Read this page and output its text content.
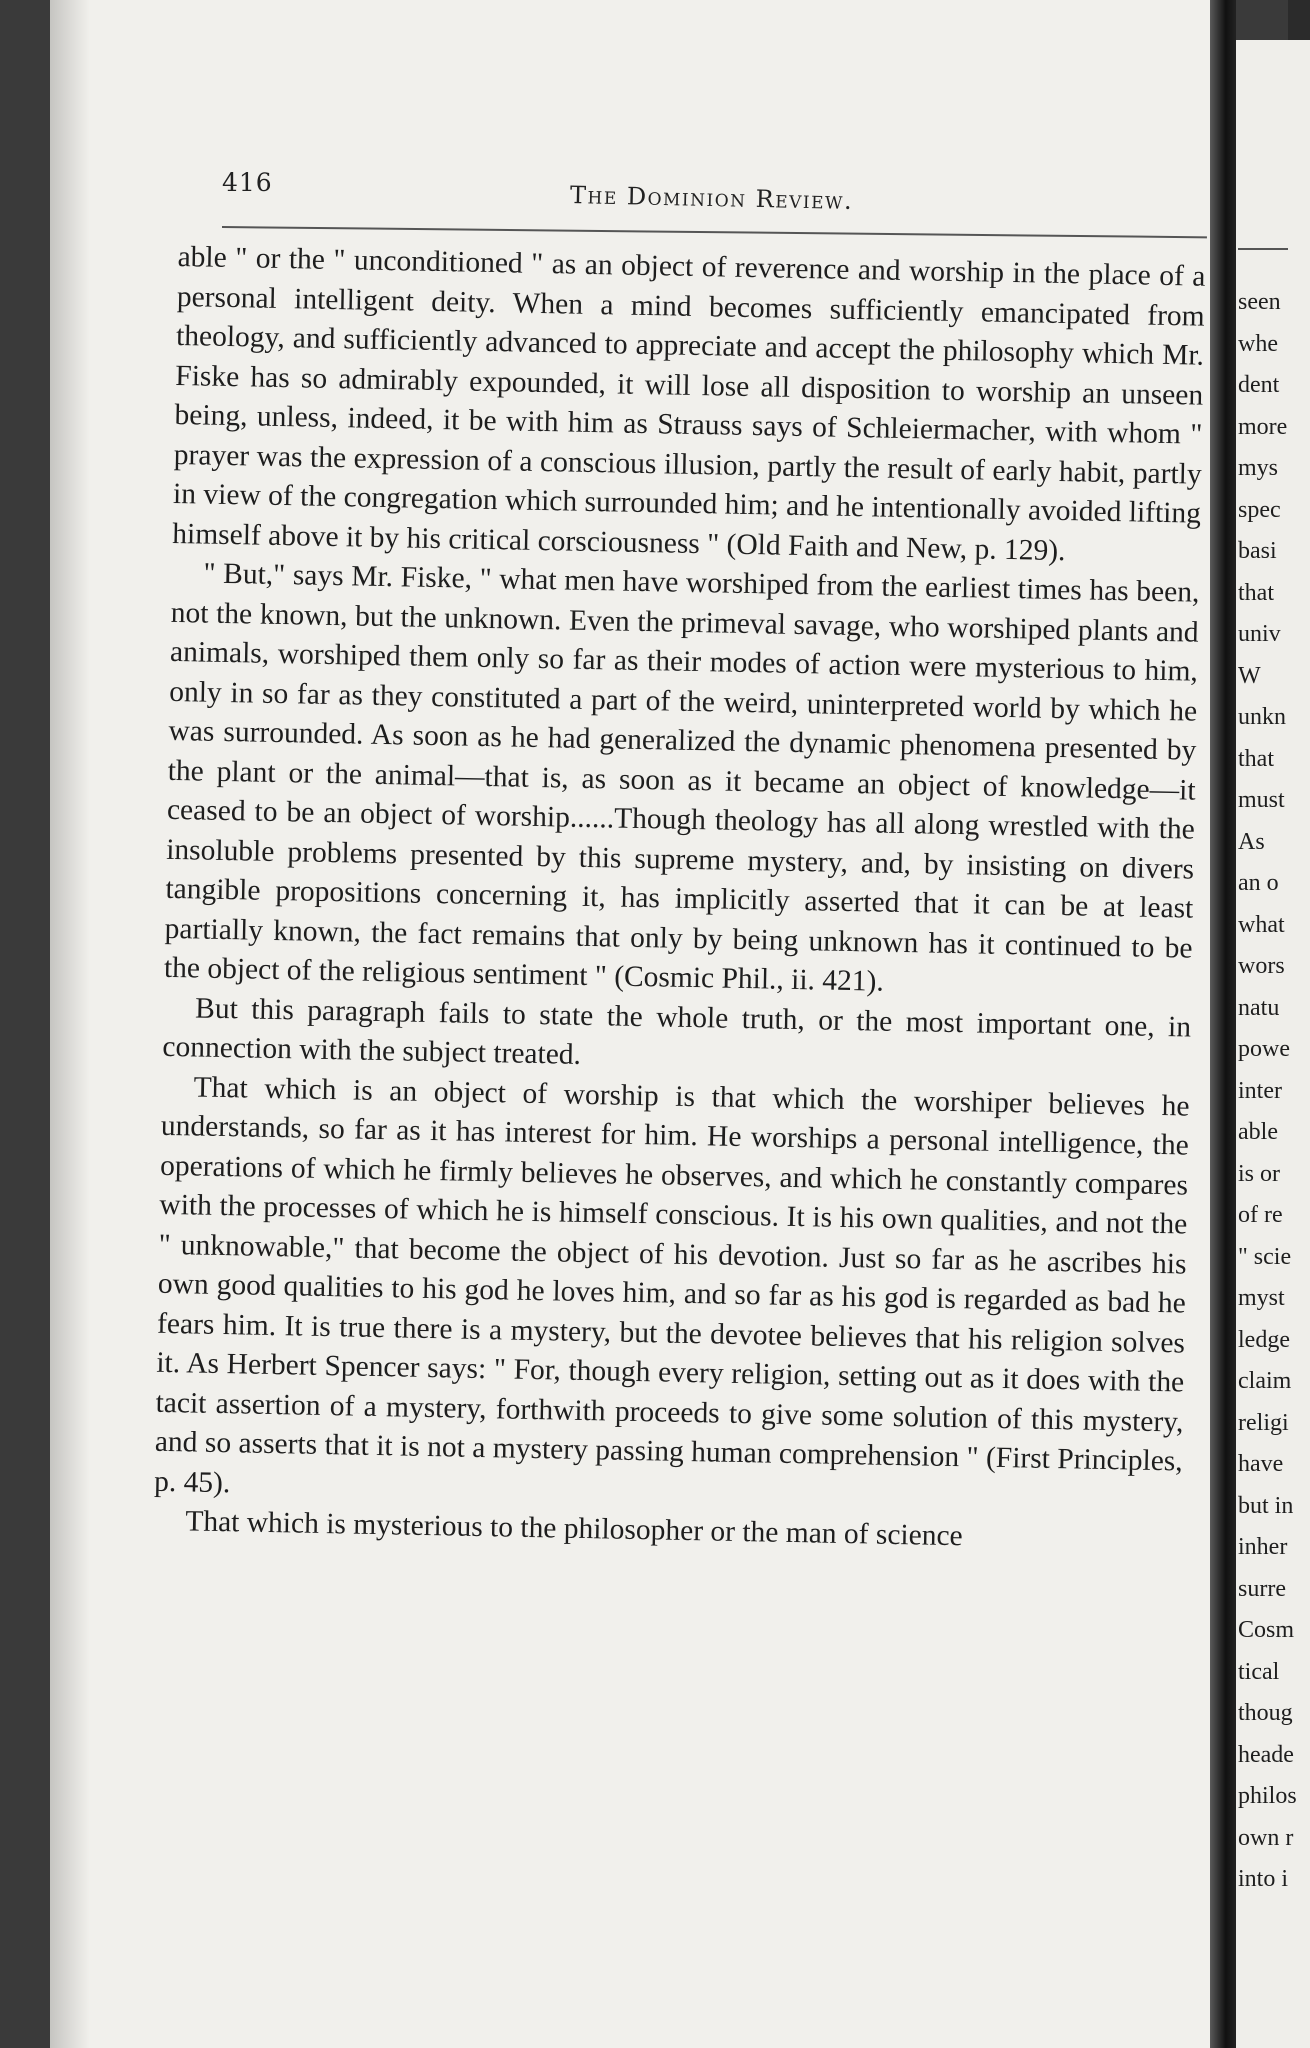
416	The Dominion Review.

able " or the " unconditioned " as an object of reverence and worship in the place of a personal intelligent deity. When a mind becomes sufficiently emancipated from theology, and sufficiently advanced to appreciate and accept the philosophy which Mr. Fiske has so admirably expounded, it will lose all disposition to worship an unseen being, unless, indeed, it be with him as Strauss says of Schleiermacher, with whom " prayer was the expression of a conscious illusion, partly the result of early habit, partly in view of the congregation which surrounded him; and he intentionally avoided lifting himself above it by his critical corsciousness " (Old Faith and New, p. 129).

" But," says Mr. Fiske, " what men have worshiped from the earliest times has been, not the known, but the unknown. Even the primeval savage, who worshiped plants and animals, worshiped them only so far as their modes of action were mysterious to him, only in so far as they constituted a part of the weird, uninterpreted world by which he was surrounded. As soon as he had generalized the dynamic phenomena presented by the plant or the animal—that is, as soon as it became an object of knowledge—it ceased to be an object of worship......Though theology has all along wrestled with the insoluble problems presented by this supreme mystery, and, by insisting on divers tangible propositions concerning it, has implicitly asserted that it can be at least partially known, the fact remains that only by being unknown has it continued to be the object of the religious sentiment " (Cosmic Phil., ii. 421).

But this paragraph fails to state the whole truth, or the most important one, in connection with the subject treated.

That which is an object of worship is that which the worshiper believes he understands, so far as it has interest for him. He worships a personal intelligence, the operations of which he firmly believes he observes, and which he constantly compares with the processes of which he is himself conscious. It is his own qualities, and not the " unknowable," that become the object of his devotion. Just so far as he ascribes his own good qualities to his god he loves him, and so far as his god is regarded as bad he fears him. It is true there is a mystery, but the devotee believes that his religion solves it. As Herbert Spencer says: " For, though every religion, setting out as it does with the tacit assertion of a mystery, forthwith proceeds to give some solution of this mystery, and so asserts that it is not a mystery passing human comprehension " (First Principles, p. 45).

That which is mysterious to the philosopher or the man of science

seen
whe
dent
more
mys
spec
basi
that
univ
W
unkn
that
must
As
an o
what
wors
natu
powe
inter
able
is or
of re
" scie
myst
ledge
claim
religi
have
but in
inher
surre
Cosm
tical
thoug
heade
philos
own r
into i
